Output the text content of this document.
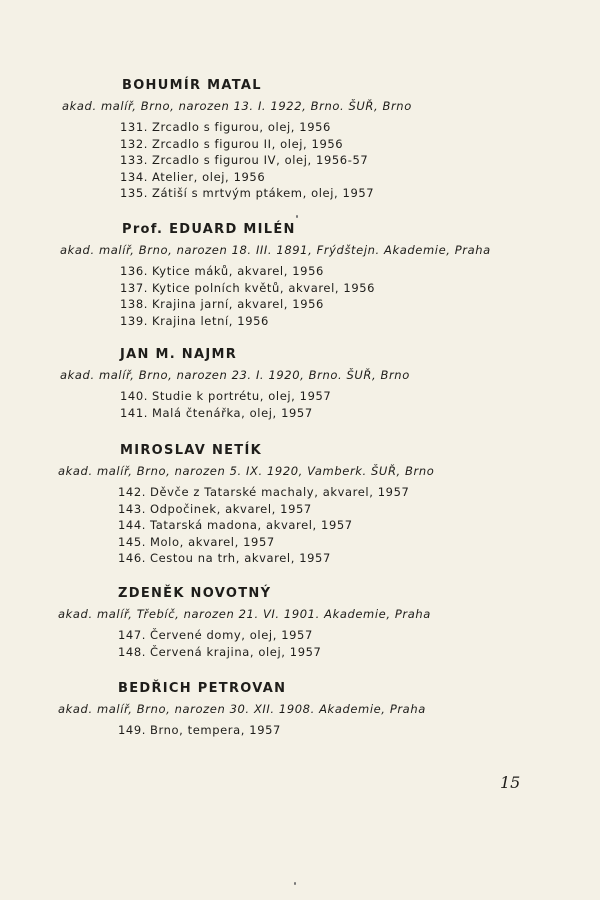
BOHUMÍR MATAL
akad. malíř, Brno, narozen 13. I. 1922, Brno. ŠUŘ, Brno
131. Zrcadlo s figurou, olej, 1956
132. Zrcadlo s figurou II, olej, 1956
133. Zrcadlo s figurou IV, olej, 1956-57
134. Atelier, olej, 1956
135. Zátiší s mrtvým ptákem, olej, 1957
Prof. EDUARD MILÉN
akad. malíř, Brno, narozen 18. III. 1891, Frýdštejn. Akademie, Praha
136. Kytice máků, akvarel, 1956
137. Kytice polních květů, akvarel, 1956
138. Krajina jarní, akvarel, 1956
139. Krajina letní, 1956
JAN M. NAJMR
akad. malíř, Brno, narozen 23. I. 1920, Brno. ŠUŘ, Brno
140. Studie k portrétu, olej, 1957
141. Malá čtenářka, olej, 1957
MIROSLAV NETÍK
akad. malíř, Brno, narozen 5. IX. 1920, Vamberk. ŠUŘ, Brno
142. Děvče z Tatarské machaly, akvarel, 1957
143. Odpočinek, akvarel, 1957
144. Tatarská madona, akvarel, 1957
145. Molo, akvarel, 1957
146. Cestou na trh, akvarel, 1957
ZDENĚK NOVOTNÝ
akad. malíř, Třebíč, narozen 21. VI. 1901. Akademie, Praha
147. Červené domy, olej, 1957
148. Červená krajina, olej, 1957
BEDŘICH PETROVAN
akad. malíř, Brno, narozen 30. XII. 1908. Akademie, Praha
149. Brno, tempera, 1957
15
